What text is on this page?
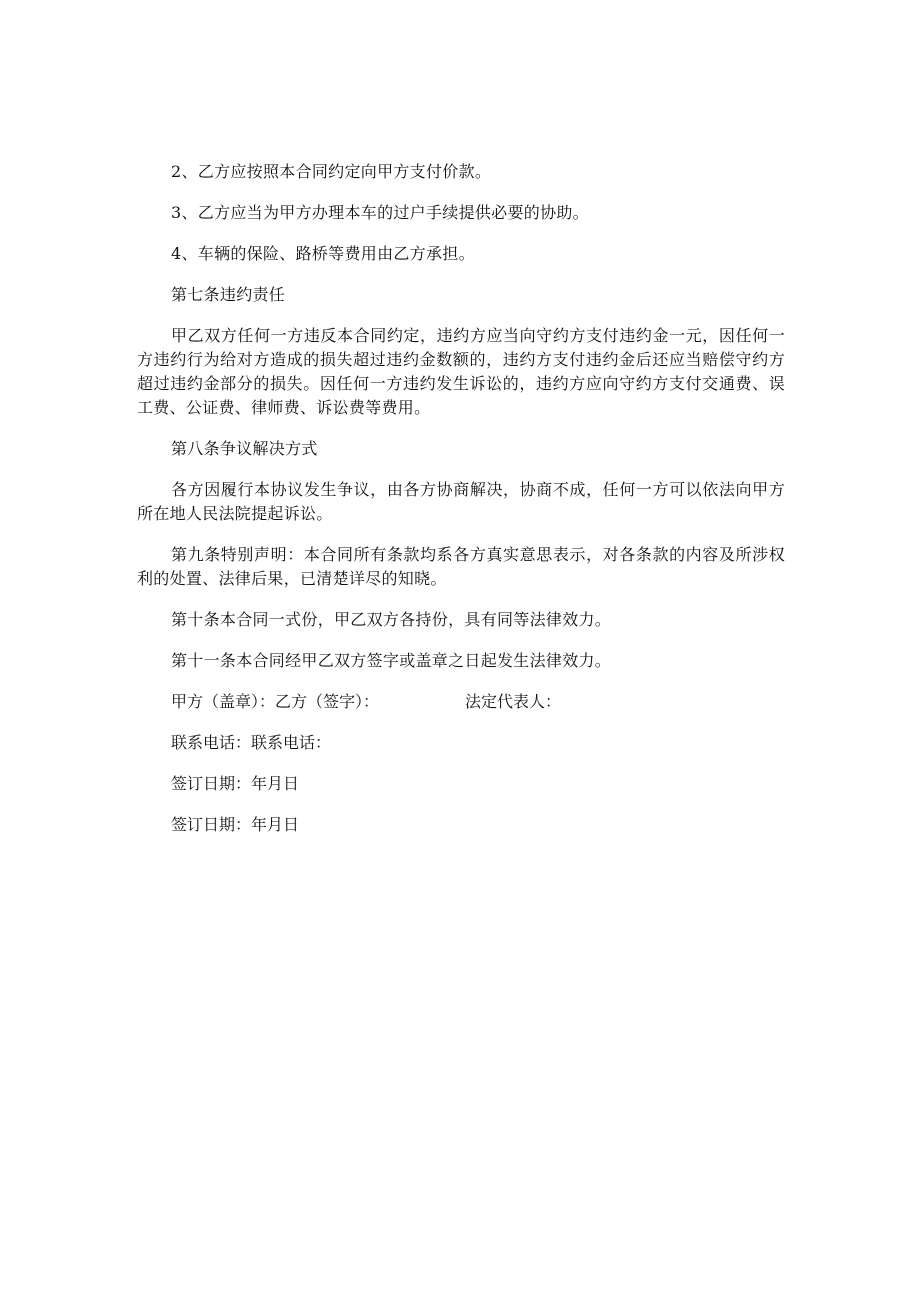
2、乙方应按照本合同约定向甲方支付价款。

3、乙方应当为甲方办理本车的过户手续提供必要的协助。

4、车辆的保险、路桥等费用由乙方承担。

第七条违约责任

甲乙双方任何一方违反本合同约定，违约方应当向守约方支付违约金一元，因任何一方违约行为给对方造成的损失超过违约金数额的，违约方支付违约金后还应当赔偿守约方超过违约金部分的损失。因任何一方违约发生诉讼的，违约方应向守约方支付交通费、误工费、公证费、律师费、诉讼费等费用。

第八条争议解决方式

各方因履行本协议发生争议，由各方协商解决，协商不成，任何一方可以依法向甲方所在地人民法院提起诉讼。

第九条特别声明：本合同所有条款均系各方真实意思表示，对各条款的内容及所涉权利的处置、法律后果，已清楚详尽的知晓。

第十条本合同一式份，甲乙双方各持份，具有同等法律效力。

第十一条本合同经甲乙双方签字或盖章之日起发生法律效力。

甲方（盖章）：乙方（签字）：	法定代表人：
联系电话：联系电话：
签订日期：年月日
签订日期：年月日
